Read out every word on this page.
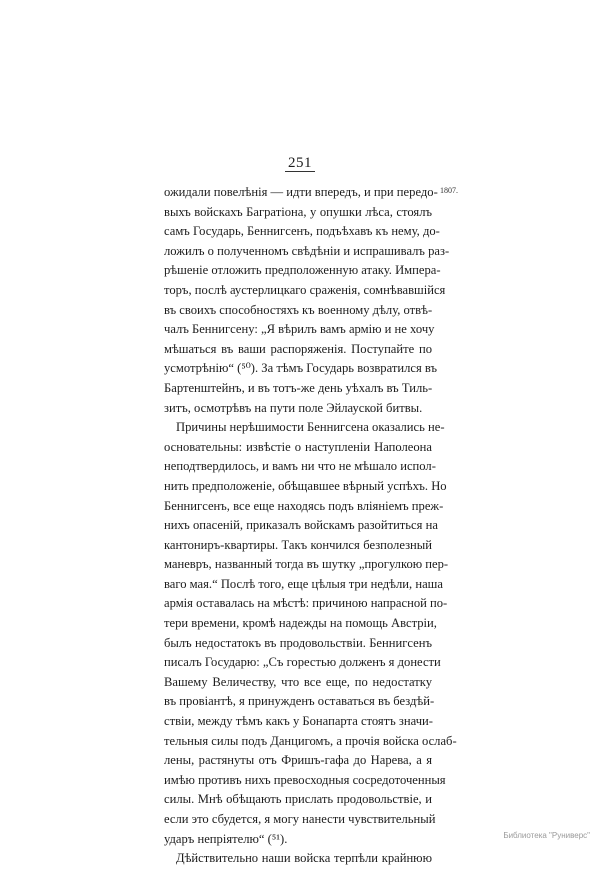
251
1807.
ожидали повелѣнія — идти впередъ, и при передо-
выхъ войскахъ Багратіона, у опушки лѣса, стоялъ
самъ Государь, Беннигсенъ, подъѣхавъ къ нему, до-
ложилъ о полученномъ свѣдѣніи и испрашивалъ раз-
рѣшеніе отложить предположенную атаку. Импера-
торъ, послѣ аустерлицкаго сраженія, сомнѣвавшійся
въ своихъ способностяхъ къ военному дѣлу, отвѣ-
чалъ Беннигсену: „Я вѣрилъ вамъ армію и не хочу
мѣшаться въ ваши распоряженія. Поступайте по
усмотрѣнію“ (⁵⁰). За тѣмъ Государь возвратился въ
Бартенштейнъ, и въ тотъ-же день уѣхалъ въ Тиль-
зитъ, осмотрѣвъ на пути поле Эйлауской битвы.
Причины нерѣшимости Беннигсена оказались не-
основательны: извѣстіе о наступленіи Наполеона
неподтвердилось, и вамъ ни что не мѣшало испол-
нить предположеніе, обѣщавшее вѣрный успѣхъ. Но
Беннигсенъ, все еще находясь подъ вліяніемъ преж-
нихъ опасеній, приказалъ войскамъ разойтиться на
кантониръ-квартиры. Такъ кончился безполезный
маневръ, названный тогда въ шутку „прогулкою пер-
ваго мая.“ Послѣ того, еще цѣлыя три недѣли, наша
армія оставалась на мѣстѣ: причиною напрасной по-
тери времени, кромѣ надежды на помощь Австріи,
былъ недостатокъ въ продовольствіи. Беннигсенъ
писалъ Государю: „Съ горестью долженъ я донести
Вашему Величеству, что все еще, по недостатку
въ провіантѣ, я принужденъ оставаться въ бездѣй-
ствіи, между тѣмъ какъ у Бонапарта стоятъ значи-
тельныя силы подъ Данцигомъ, а прочія войска ослаб-
лены, растянуты отъ Фришъ-гафа до Нарева, а я
имѣю противъ нихъ превосходныя сосредоточенныя
силы. Мнѣ обѣщають прислать продовольствіе, и
если это сбудется, я могу нанести чувствительный
ударъ непріятелю“ (⁵¹).
Дѣйствительно наши войска терпѣли крайнюю
Библиотека "Руниверс"
